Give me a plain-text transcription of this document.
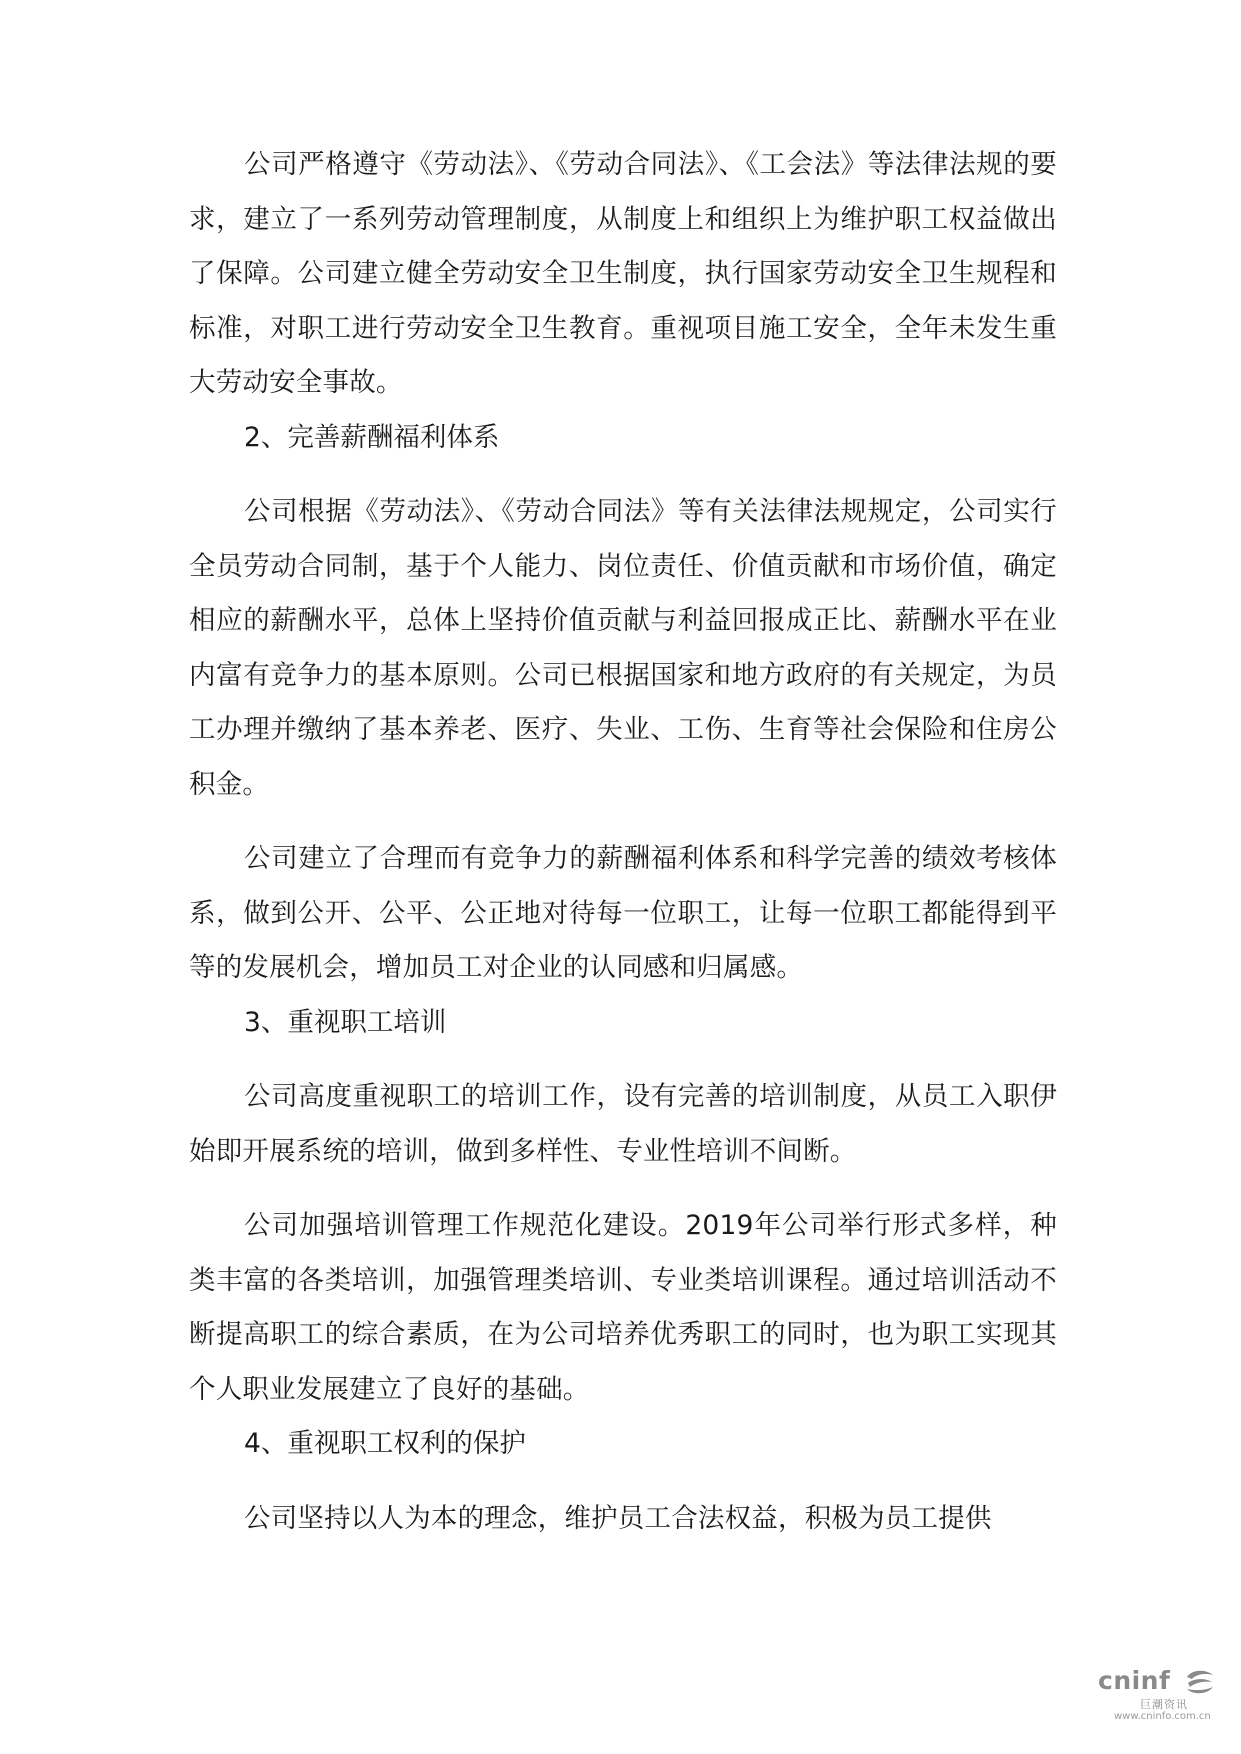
公司严格遵守《劳动法》、《劳动合同法》、《工会法》等法律法规的要求，建立了一系列劳动管理制度，从制度上和组织上为维护职工权益做出了保障。公司建立健全劳动安全卫生制度，执行国家劳动安全卫生规程和标准，对职工进行劳动安全卫生教育。重视项目施工安全，全年未发生重大劳动安全事故。

2、完善薪酬福利体系

公司根据《劳动法》、《劳动合同法》等有关法律法规规定，公司实行全员劳动合同制，基于个人能力、岗位责任、价值贡献和市场价值，确定相应的薪酬水平，总体上坚持价值贡献与利益回报成正比、薪酬水平在业内富有竞争力的基本原则。公司已根据国家和地方政府的有关规定，为员工办理并缴纳了基本养老、医疗、失业、工伤、生育等社会保险和住房公积金。

公司建立了合理而有竞争力的薪酬福利体系和科学完善的绩效考核体系，做到公开、公平、公正地对待每一位职工，让每一位职工都能得到平等的发展机会，增加员工对企业的认同感和归属感。

3、重视职工培训

公司高度重视职工的培训工作，设有完善的培训制度，从员工入职伊始即开展系统的培训，做到多样性、专业性培训不间断。

公司加强培训管理工作规范化建设。2019年公司举行形式多样，种类丰富的各类培训，加强管理类培训、专业类培训课程。通过培训活动不断提高职工的综合素质，在为公司培养优秀职工的同时，也为职工实现其个人职业发展建立了良好的基础。

4、重视职工权利的保护

公司坚持以人为本的理念，维护员工合法权益，积极为员工提供

cninf
巨潮资讯
www.cninfo.com.cn
